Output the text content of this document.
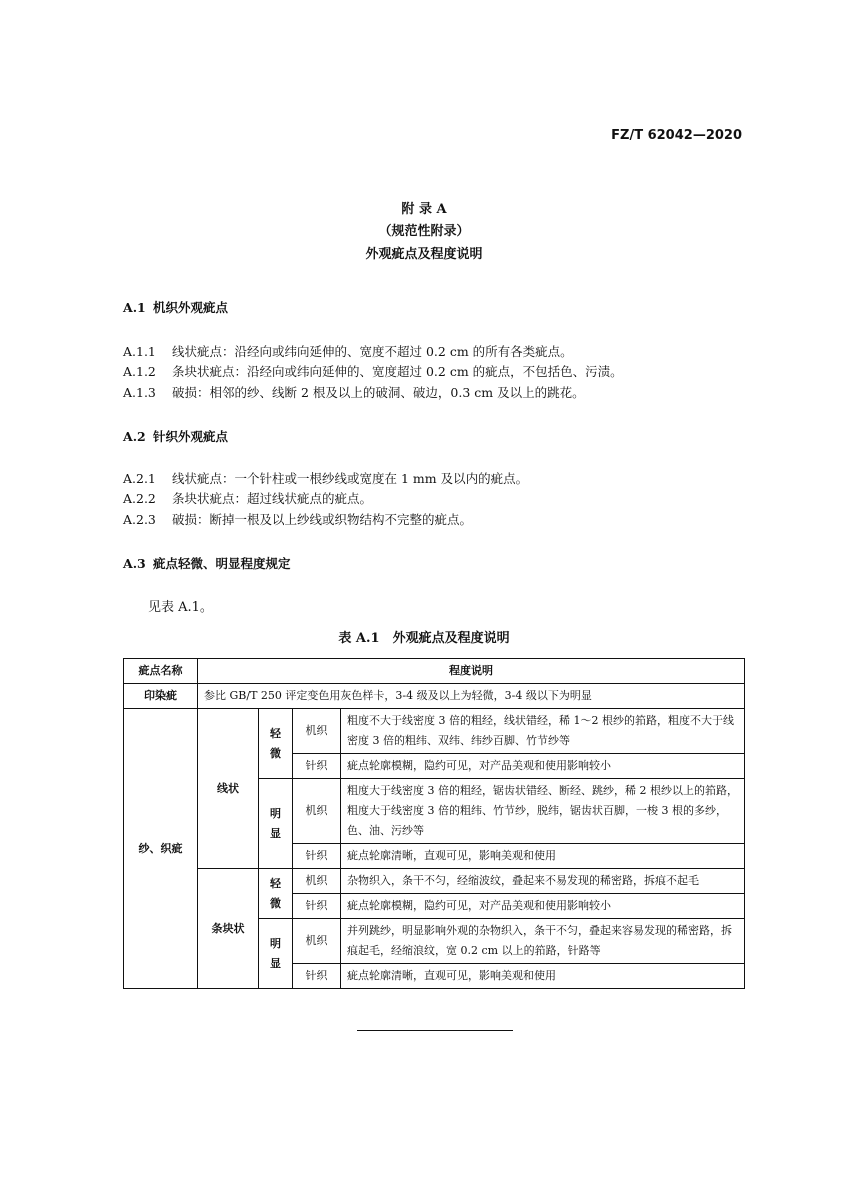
FZ/T 62042—2020
附 录 A
（规范性附录）
外观疵点及程度说明
A.1 机织外观疵点
A.1.1 线状疵点：沿经向或纬向延伸的、宽度不超过 0.2 cm 的所有各类疵点。
A.1.2 条块状疵点：沿经向或纬向延伸的、宽度超过 0.2 cm 的疵点，不包括色、污渍。
A.1.3 破损：相邻的纱、线断 2 根及以上的破洞、破边，0.3 cm 及以上的跳花。
A.2 针织外观疵点
A.2.1 线状疵点：一个针柱或一根纱线或宽度在 1 mm 及以内的疵点。
A.2.2 条块状疵点：超过线状疵点的疵点。
A.2.3 破损：断掉一根及以上纱线或织物结构不完整的疵点。
A.3 疵点轻微、明显程度规定
见表 A.1。
表 A.1　外观疵点及程度说明
疵点名称	程度说明			
印染疵	参比 GB/T 250 评定变色用灰色样卡，3-4 级及以上为轻微，3-4 级以下为明显			
纱、织疵	线状	轻微	机织	粗度不大于线密度 3 倍的粗经，线状错经，稀 1～2 根纱的筘路，粗度不大于线密度 3 倍的粗纬、双纬、纬纱百脚、竹节纱等
			针织	疵点轮廓模糊，隐约可见，对产品美观和使用影响较小

		明显	机织	粗度大于线密度 3 倍的粗经，锯齿状错经、断经、跳纱，稀 2 根纱以上的筘路，粗度大于线密度 3 倍的粗纬、竹节纱，脱纬，锯齿状百脚，一梭 3 根的多纱，色、油、污纱等
			针织	疵点轮廓清晰，直观可见，影响美观和使用
	条块状	轻微	机织	杂物织入，条干不匀，经缩波纹，叠起来不易发现的稀密路，拆痕不起毛
			针织	疵点轮廓模糊，隐约可见，对产品美观和使用影响较小

		明显	机织	并列跳纱，明显影响外观的杂物织入，条干不匀，叠起来容易发现的稀密路，拆痕起毛，经缩浪纹，宽 0.2 cm 以上的筘路，针路等
			针织	疵点轮廓清晰，直观可见，影响美观和使用
